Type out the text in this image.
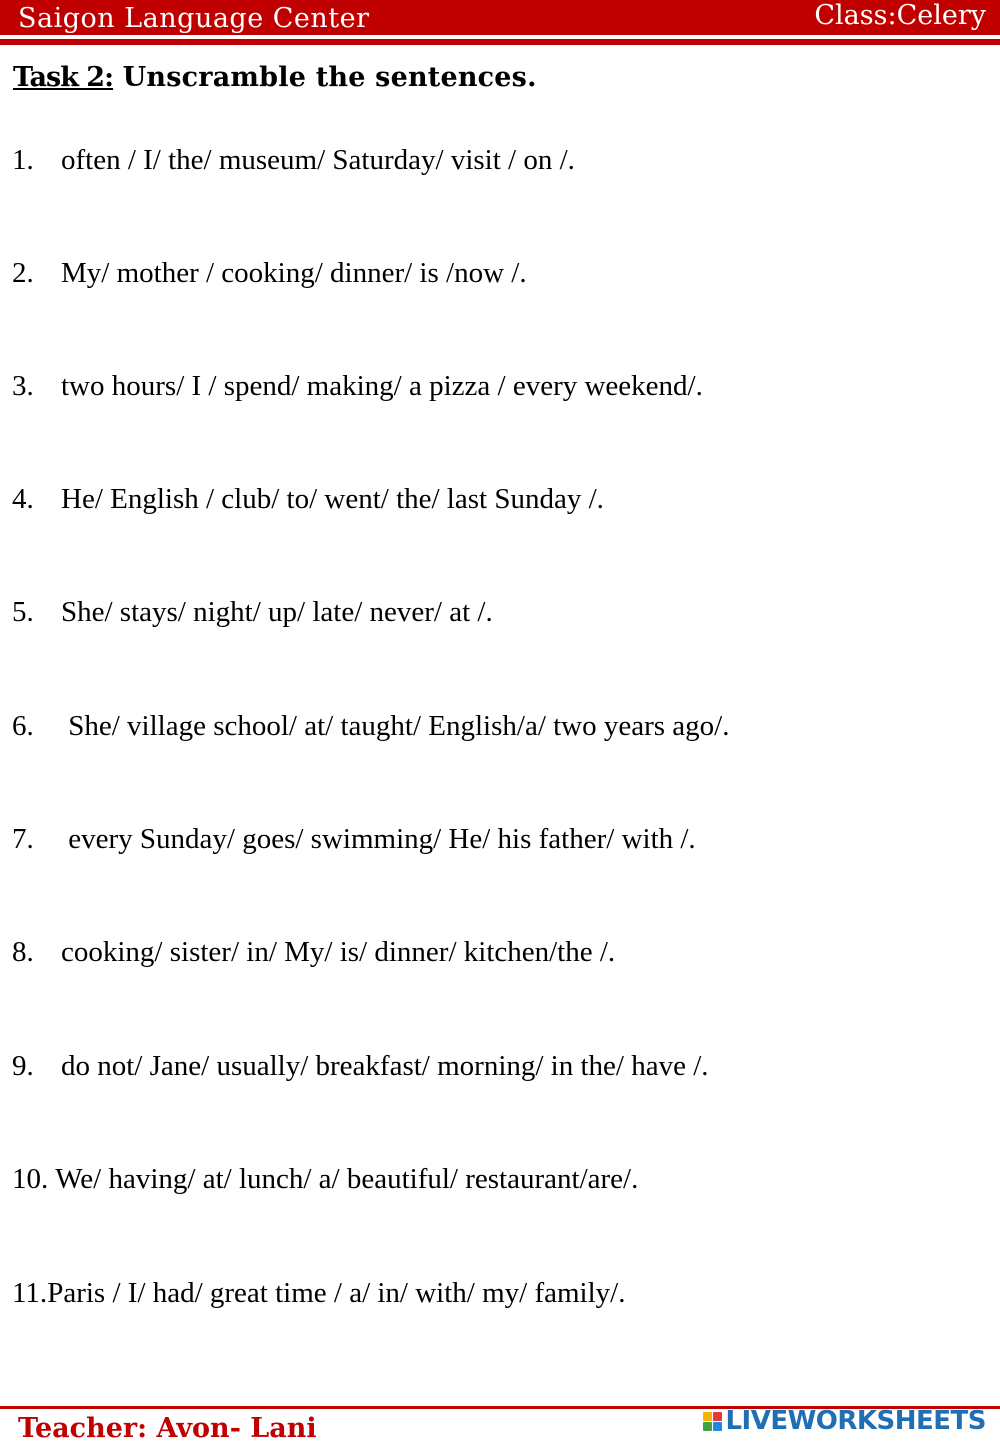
Saigon Language Center	Class:Celery
Task 2: Unscramble the sentences.
1. often / I/ the/ museum/ Saturday/ visit / on /.
2. My/ mother / cooking/ dinner/ is /now /.
3. two hours/ I / spend/ making/ a pizza / every weekend/.
4. He/ English / club/ to/ went/ the/ last Sunday /.
5. She/ stays/ night/ up/ late/ never/ at /.
6. She/ village school/ at/ taught/ English/a/ two years ago/.
7. every Sunday/ goes/ swimming/ He/ his father/ with /.
8. cooking/ sister/ in/ My/ is/ dinner/ kitchen/the /.
9. do not/ Jane/ usually/ breakfast/ morning/ in the/ have /.
10. We/ having/ at/ lunch/ a/ beautiful/ restaurant/are/.
11.Paris / I/ had/ great time / a/ in/ with/ my/ family/.
Teacher: Avon- Lani	LIVEWORKSHEETS
